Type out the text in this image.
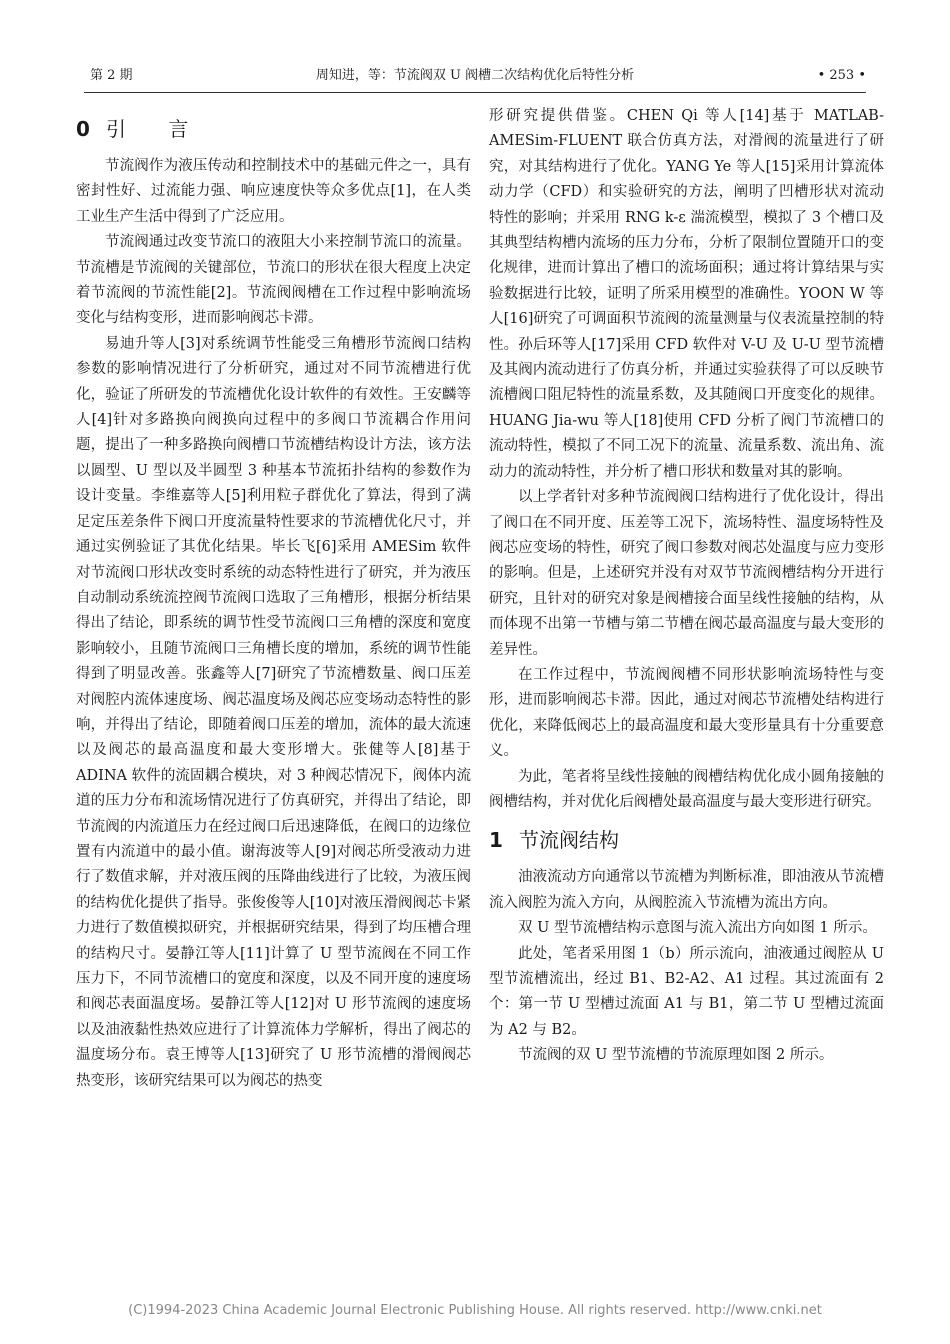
第 2 期	周知进，等：节流阀双 U 阀槽二次结构优化后特性分析	• 253 •
0 引 言

节流阀作为液压传动和控制技术中的基础元件之一，具有密封性好、过流能力强、响应速度快等众多优点[1]，在人类工业生产生活中得到了广泛应用。

节流阀通过改变节流口的液阻大小来控制节流口的流量。节流槽是节流阀的关键部位，节流口的形状在很大程度上决定着节流阀的节流性能[2]。节流阀阀槽在工作过程中影响流场变化与结构变形，进而影响阀芯卡滞。

易迪升等人[3]对系统调节性能受三角槽形节流阀口结构参数的影响情况进行了分析研究，通过对不同节流槽进行优化，验证了所研发的节流槽优化设计软件的有效性。王安麟等人[4]针对多路换向阀换向过程中的多阀口节流耦合作用问题，提出了一种多路换向阀槽口节流槽结构设计方法，该方法以圆型、U 型以及半圆型 3 种基本节流拓扑结构的参数作为设计变量。李维嘉等人[5]利用粒子群优化了算法，得到了满足定压差条件下阀口开度流量特性要求的节流槽优化尺寸，并通过实例验证了其优化结果。毕长飞[6]采用 AMESim 软件对节流阀口形状改变时系统的动态特性进行了研究，并为液压自动制动系统流控阀节流阀口选取了三角槽形，根据分析结果得出了结论，即系统的调节性受节流阀口三角槽的深度和宽度影响较小，且随节流阀口三角槽长度的增加，系统的调节性能得到了明显改善。张鑫等人[7]研究了节流槽数量、阀口压差对阀腔内流体速度场、阀芯温度场及阀芯应变场动态特性的影响，并得出了结论，即随着阀口压差的增加，流体的最大流速以及阀芯的最高温度和最大变形增大。张健等人[8]基于 ADINA 软件的流固耦合模块，对 3 种阀芯情况下，阀体内流道的压力分布和流场情况进行了仿真研究，并得出了结论，即节流阀的内流道压力在经过阀口后迅速降低，在阀口的边缘位置有内流道中的最小值。谢海波等人[9]对阀芯所受液动力进行了数值求解，并对液压阀的压降曲线进行了比较，为液压阀的结构优化提供了指导。张俊俊等人[10]对液压滑阀阀芯卡紧力进行了数值模拟研究，并根据研究结果，得到了均压槽合理的结构尺寸。晏静江等人[11]计算了 U 型节流阀在不同工作压力下，不同节流槽口的宽度和深度，以及不同开度的速度场和阀芯表面温度场。晏静江等人[12]对 U 形节流阀的速度场以及油液黏性热效应进行了计算流体力学解析，得出了阀芯的温度场分布。袁王博等人[13]研究了 U 形节流槽的滑阀阀芯热变形，该研究结果可以为阀芯的热变

形研究提供借鉴。CHEN Qi 等人[14]基于 MATLAB-AMESim-FLUENT 联合仿真方法，对滑阀的流量进行了研究，对其结构进行了优化。YANG Ye 等人[15]采用计算流体动力学（CFD）和实验研究的方法，阐明了凹槽形状对流动特性的影响；并采用 RNG k-ε 湍流模型，模拟了 3 个槽口及其典型结构槽内流场的压力分布，分析了限制位置随开口的变化规律，进而计算出了槽口的流场面积；通过将计算结果与实验数据进行比较，证明了所采用模型的准确性。YOON W 等人[16]研究了可调面积节流阀的流量测量与仪表流量控制的特性。孙后环等人[17]采用 CFD 软件对 V-U 及 U-U 型节流槽及其阀内流动进行了仿真分析，并通过实验获得了可以反映节流槽阀口阻尼特性的流量系数，及其随阀口开度变化的规律。HUANG Jia-wu 等人[18]使用 CFD 分析了阀门节流槽口的流动特性，模拟了不同工况下的流量、流量系数、流出角、流动力的流动特性，并分析了槽口形状和数量对其的影响。

以上学者针对多种节流阀阀口结构进行了优化设计，得出了阀口在不同开度、压差等工况下，流场特性、温度场特性及阀芯应变场的特性，研究了阀口参数对阀芯处温度与应力变形的影响。但是，上述研究并没有对双节节流阀槽结构分开进行研究，且针对的研究对象是阀槽接合面呈线性接触的结构，从而体现不出第一节槽与第二节槽在阀芯最高温度与最大变形的差异性。

在工作过程中，节流阀阀槽不同形状影响流场特性与变形，进而影响阀芯卡滞。因此，通过对阀芯节流槽处结构进行优化，来降低阀芯上的最高温度和最大变形量具有十分重要意义。

为此，笔者将呈线性接触的阀槽结构优化成小圆角接触的阀槽结构，并对优化后阀槽处最高温度与最大变形进行研究。

1 节流阀结构

油液流动方向通常以节流槽为判断标准，即油液从节流槽流入阀腔为流入方向，从阀腔流入节流槽为流出方向。

双 U 型节流槽结构示意图与流入流出方向如图 1 所示。

此处，笔者采用图 1（b）所示流向，油液通过阀腔从 U 型节流槽流出，经过 B1、B2-A2、A1 过程。其过流面有 2 个：第一节 U 型槽过流面 A1 与 B1，第二节 U 型槽过流面为 A2 与 B2。

节流阀的双 U 型节流槽的节流原理如图 2 所示。

(C)1994-2023 China Academic Journal Electronic Publishing House. All rights reserved. http://www.cnki.net
